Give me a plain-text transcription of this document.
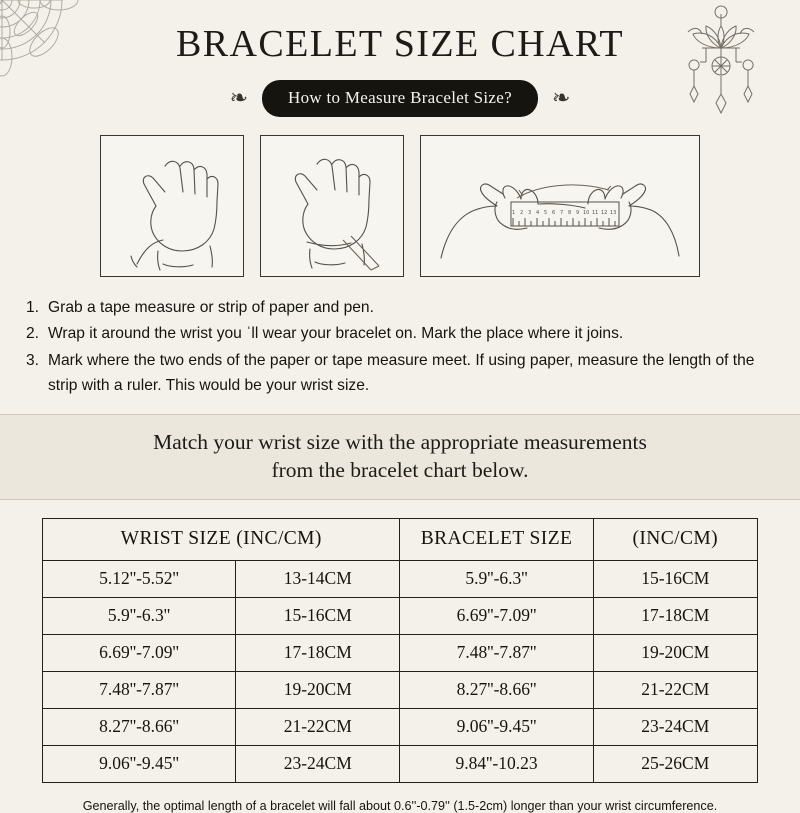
BRACELET SIZE CHART
❧	How to Measure Bracelet Size?	❧
1 2 3 4 5 6 7 8 9 10 11 12 13
1. Grab a tape measure or strip of paper and pen.
2. Wrap it around the wrist you ˈll wear your bracelet on. Mark the place where it joins.
3. Mark where the two ends of the paper or tape measure meet. If using paper, measure the length of the strip with a ruler. This would be your wrist size.
Match your wrist size with the appropriate measurements
from the bracelet chart below.
WRIST SIZE (INC/CM)		BRACELET SIZE	(INC/CM)
5.12''-5.52''	13-14CM	5.9''-6.3''	15-16CM
5.9''-6.3''	15-16CM	6.69''-7.09''	17-18CM
6.69''-7.09''	17-18CM	7.48''-7.87''	19-20CM
7.48''-7.87''	19-20CM	8.27''-8.66''	21-22CM
8.27''-8.66''	21-22CM	9.06''-9.45''	23-24CM
9.06''-9.45''	23-24CM	9.84''-10.23	25-26CM
Generally, the optimal length of a bracelet will fall about 0.6''-0.79'' (1.5-2cm) longer than your wrist circumference.
